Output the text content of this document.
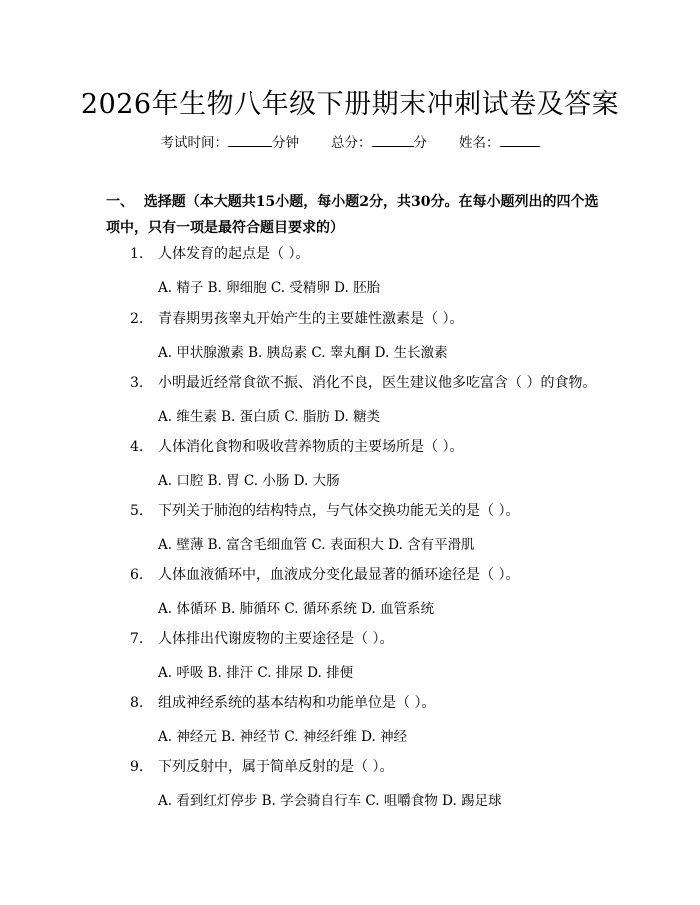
2026年生物八年级下册期末冲刺试卷及答案
考试时间：	分钟 总分：	分 姓名：
一、 选择题（本大题共15小题，每小题2分，共30分。在每小题列出的四个选项中，只有一项是最符合题目要求的）
1. 人体发育的起点是（ ）。
A. 精子 B. 卵细胞 C. 受精卵 D. 胚胎
2. 青春期男孩睾丸开始产生的主要雄性激素是（ ）。
A. 甲状腺激素 B. 胰岛素 C. 睾丸酮 D. 生长激素
3. 小明最近经常食欲不振、消化不良，医生建议他多吃富含（ ）的食物。
A. 维生素 B. 蛋白质 C. 脂肪 D. 糖类
4. 人体消化食物和吸收营养物质的主要场所是（ ）。
A. 口腔 B. 胃 C. 小肠 D. 大肠
5. 下列关于肺泡的结构特点，与气体交换功能无关的是（ ）。
A. 壁薄 B. 富含毛细血管 C. 表面积大 D. 含有平滑肌
6. 人体血液循环中，血液成分变化最显著的循环途径是（ ）。
A. 体循环 B. 肺循环 C. 循环系统 D. 血管系统
7. 人体排出代谢废物的主要途径是（ ）。
A. 呼吸 B. 排汗 C. 排尿 D. 排便
8. 组成神经系统的基本结构和功能单位是（ ）。
A. 神经元 B. 神经节 C. 神经纤维 D. 神经
9. 下列反射中，属于简单反射的是（ ）。
A. 看到红灯停步 B. 学会骑自行车 C. 咀嚼食物 D. 踢足球
